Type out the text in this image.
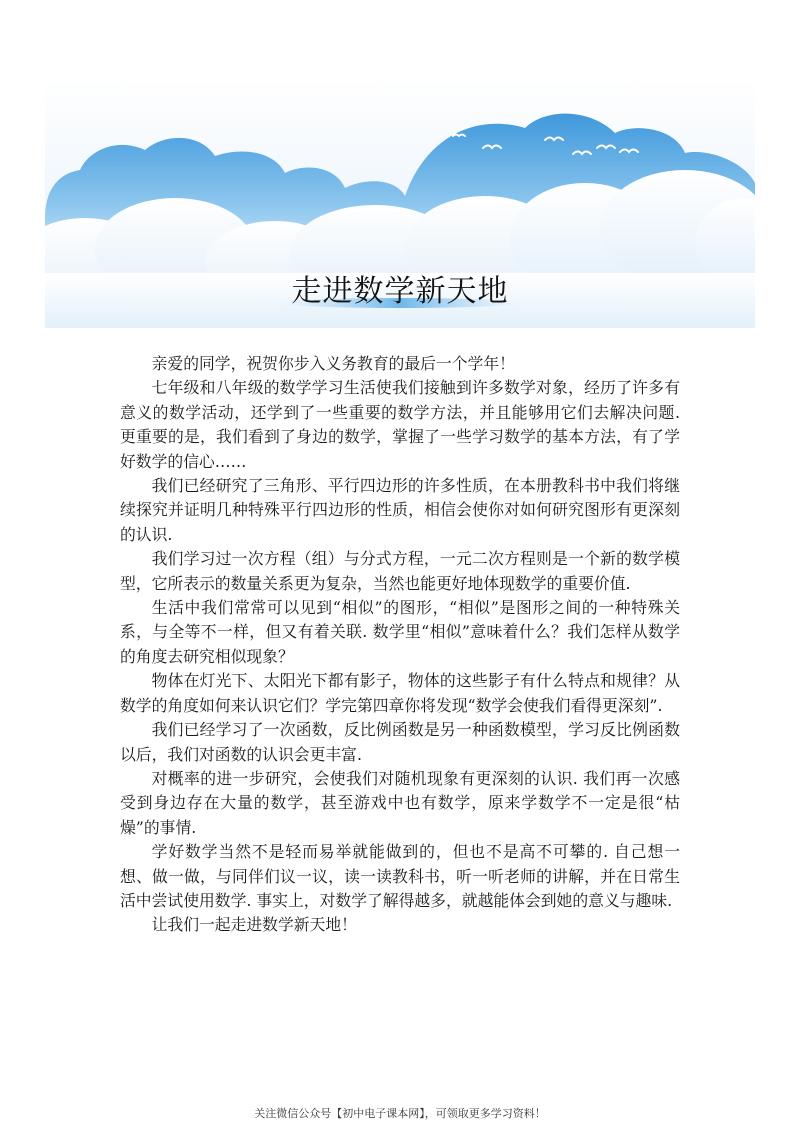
走进数学新天地

亲爱的同学，祝贺你步入义务教育的最后一个学年！

七年级和八年级的数学学习生活使我们接触到许多数学对象，经历了许多有意义的数学活动，还学到了一些重要的数学方法，并且能够用它们去解决问题. 更重要的是，我们看到了身边的数学，掌握了一些学习数学的基本方法，有了学好数学的信心……

我们已经研究了三角形、平行四边形的许多性质，在本册教科书中我们将继续探究并证明几种特殊平行四边形的性质，相信会使你对如何研究图形有更深刻的认识.

我们学习过一次方程（组）与分式方程，一元二次方程则是一个新的数学模型，它所表示的数量关系更为复杂，当然也能更好地体现数学的重要价值.

生活中我们常常可以见到“相似”的图形，“相似”是图形之间的一种特殊关系，与全等不一样，但又有着关联. 数学里“相似”意味着什么？我们怎样从数学的角度去研究相似现象？

物体在灯光下、太阳光下都有影子，物体的这些影子有什么特点和规律？从数学的角度如何来认识它们？学完第四章你将发现“数学会使我们看得更深刻”.

我们已经学习了一次函数，反比例函数是另一种函数模型，学习反比例函数以后，我们对函数的认识会更丰富.

对概率的进一步研究，会使我们对随机现象有更深刻的认识. 我们再一次感受到身边存在大量的数学，甚至游戏中也有数学，原来学数学不一定是很“枯燥”的事情.

学好数学当然不是轻而易举就能做到的，但也不是高不可攀的. 自己想一想、做一做，与同伴们议一议，读一读教科书，听一听老师的讲解，并在日常生活中尝试使用数学. 事实上，对数学了解得越多，就越能体会到她的意义与趣味.

让我们一起走进数学新天地！

关注微信公众号【初中电子课本网】，可领取更多学习资料！
